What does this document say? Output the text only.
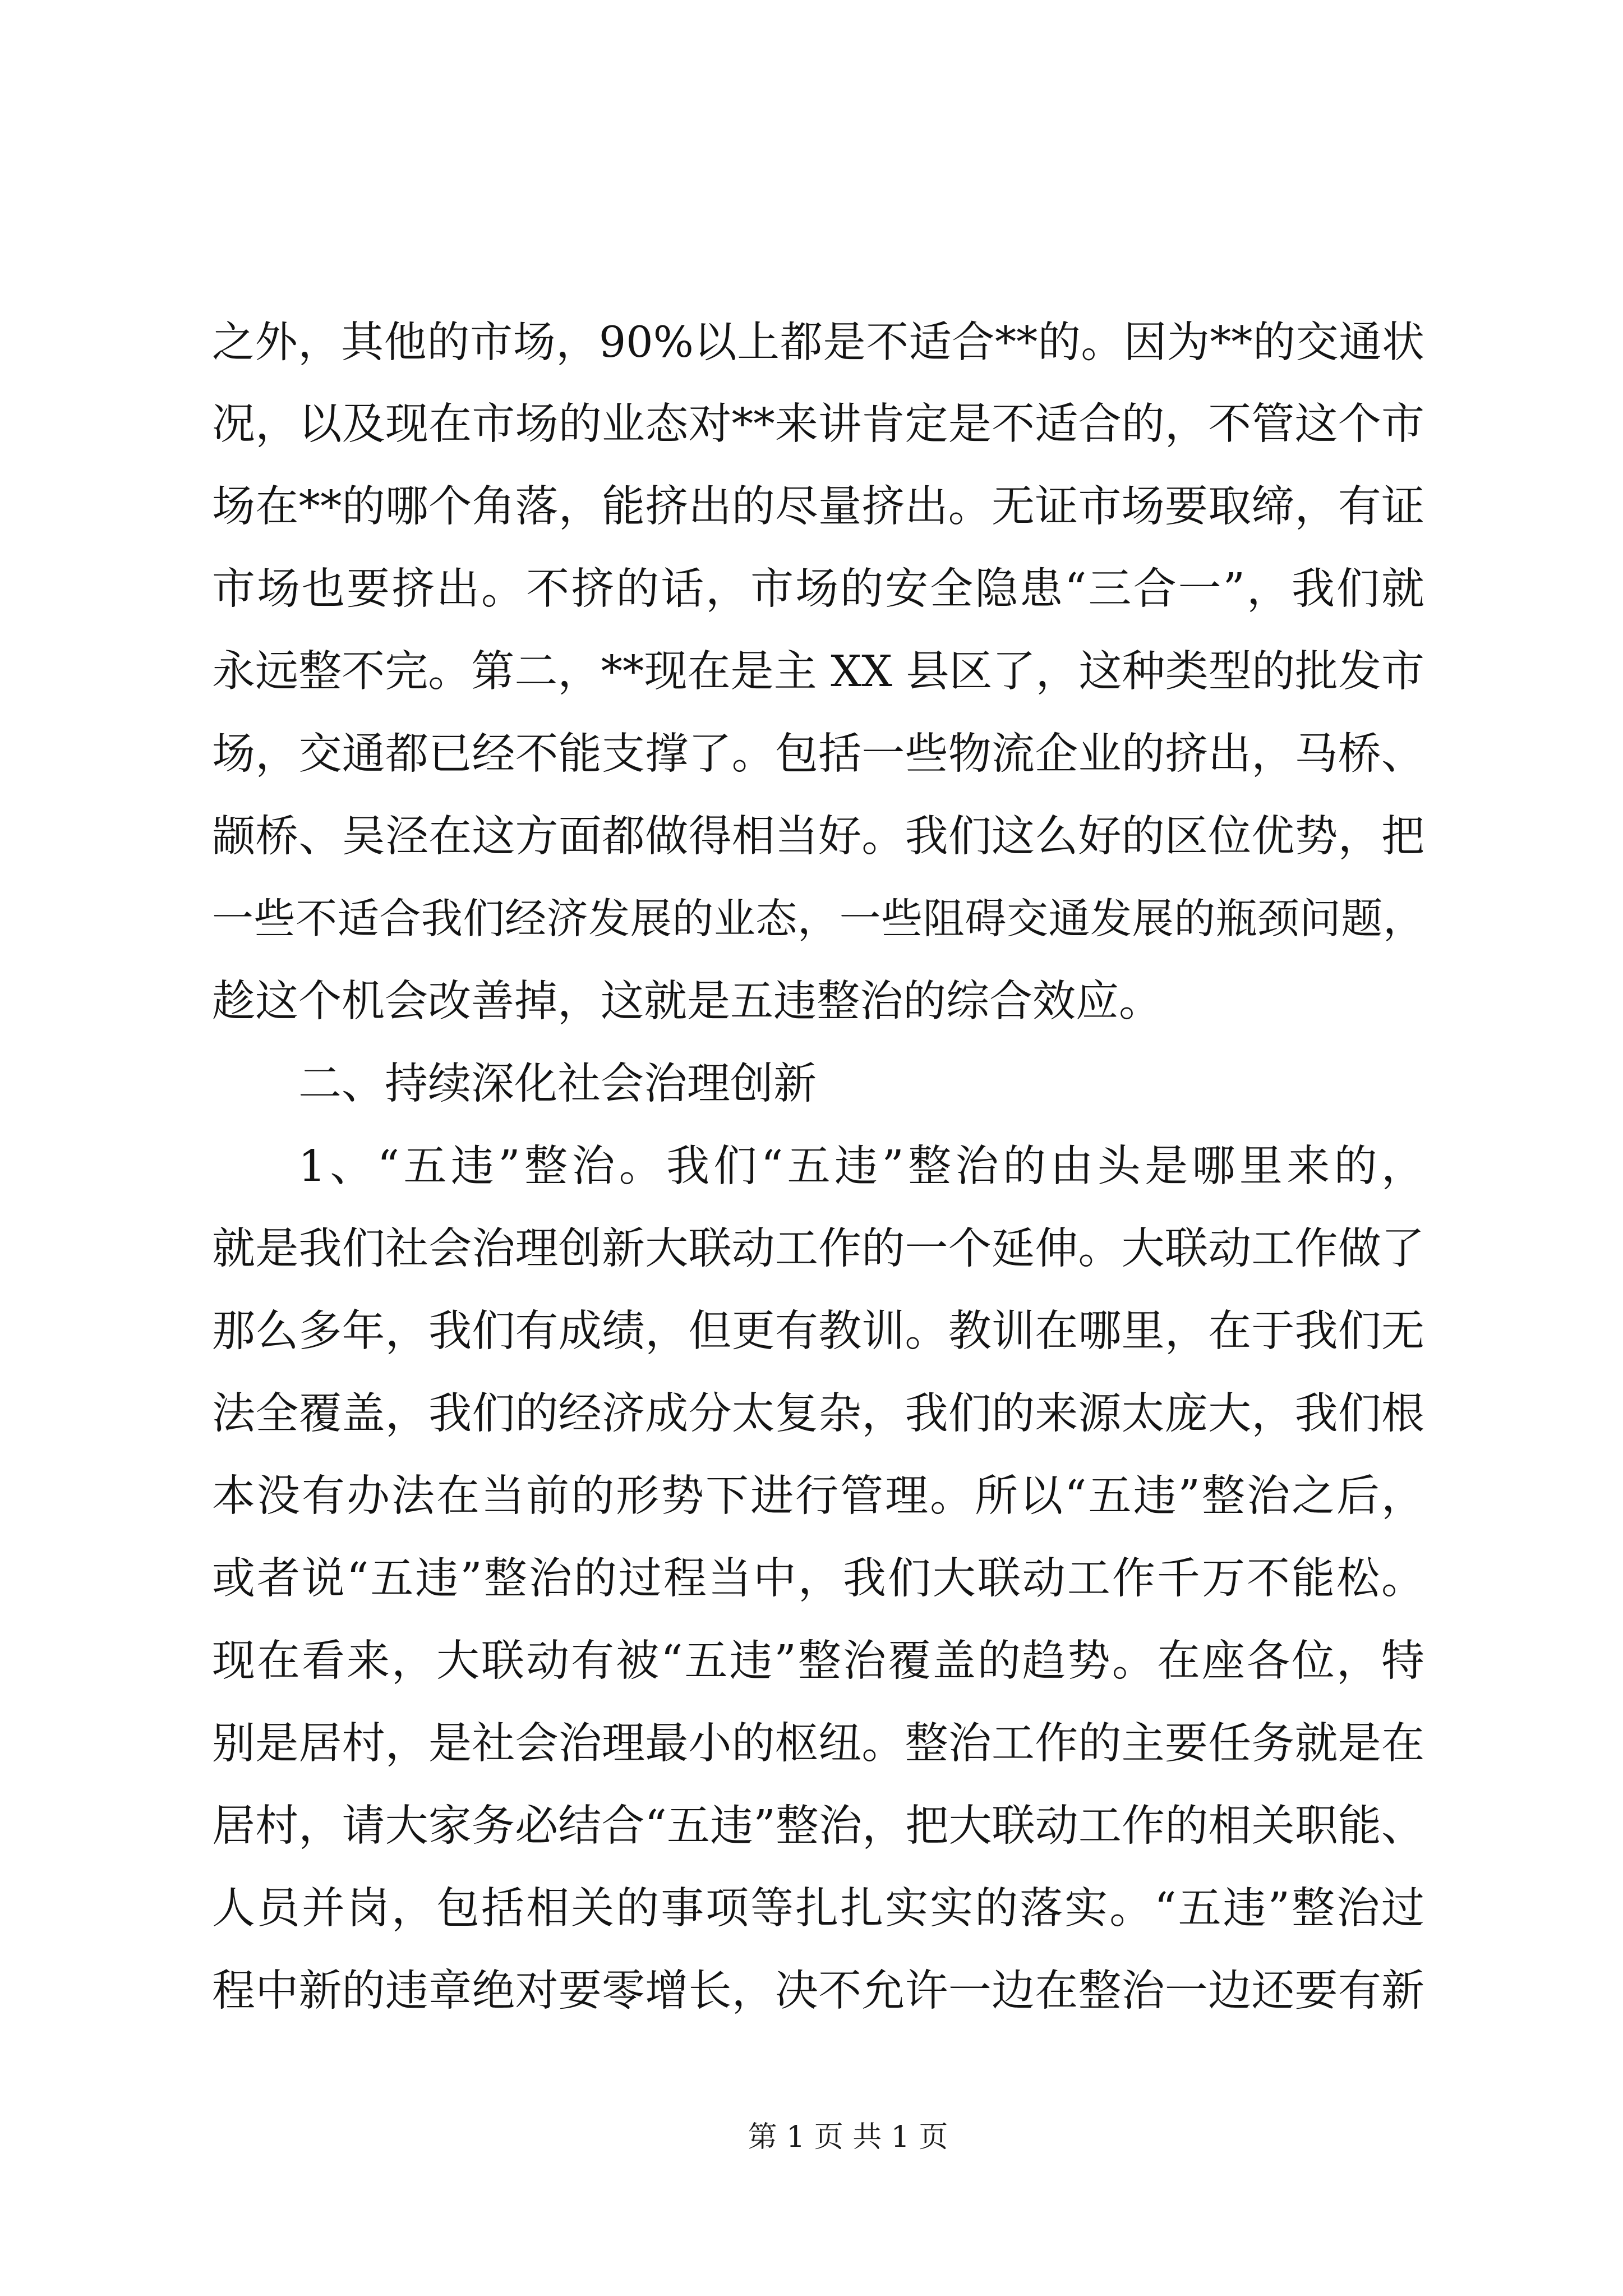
之外，其他的市场，90%以上都是不适合**的。因为**的交通状
况，以及现在市场的业态对**来讲肯定是不适合的，不管这个市
场在**的哪个角落，能挤出的尽量挤出。无证市场要取缔，有证
市场也要挤出。不挤的话，市场的安全隐患“三合一”，我们就
永远整不完。第二，**现在是主 XX 县区了，这种类型的批发市
场，交通都已经不能支撑了。包括一些物流企业的挤出，马桥、
颛桥、吴泾在这方面都做得相当好。我们这么好的区位优势，把
一些不适合我们经济发展的业态，一些阻碍交通发展的瓶颈问题，
趁这个机会改善掉，这就是五违整治的综合效应。
二、持续深化社会治理创新
1、“五违”整治。我们“五违”整治的由头是哪里来的，
就是我们社会治理创新大联动工作的一个延伸。大联动工作做了
那么多年，我们有成绩，但更有教训。教训在哪里，在于我们无
法全覆盖，我们的经济成分太复杂，我们的来源太庞大，我们根
本没有办法在当前的形势下进行管理。所以“五违”整治之后，
或者说“五违”整治的过程当中，我们大联动工作千万不能松。
现在看来，大联动有被“五违”整治覆盖的趋势。在座各位，特
别是居村，是社会治理最小的枢纽。整治工作的主要任务就是在
居村，请大家务必结合“五违”整治，把大联动工作的相关职能、
人员并岗，包括相关的事项等扎扎实实的落实。“五违”整治过
程中新的违章绝对要零增长，决不允许一边在整治一边还要有新
第 1 页 共 1 页
